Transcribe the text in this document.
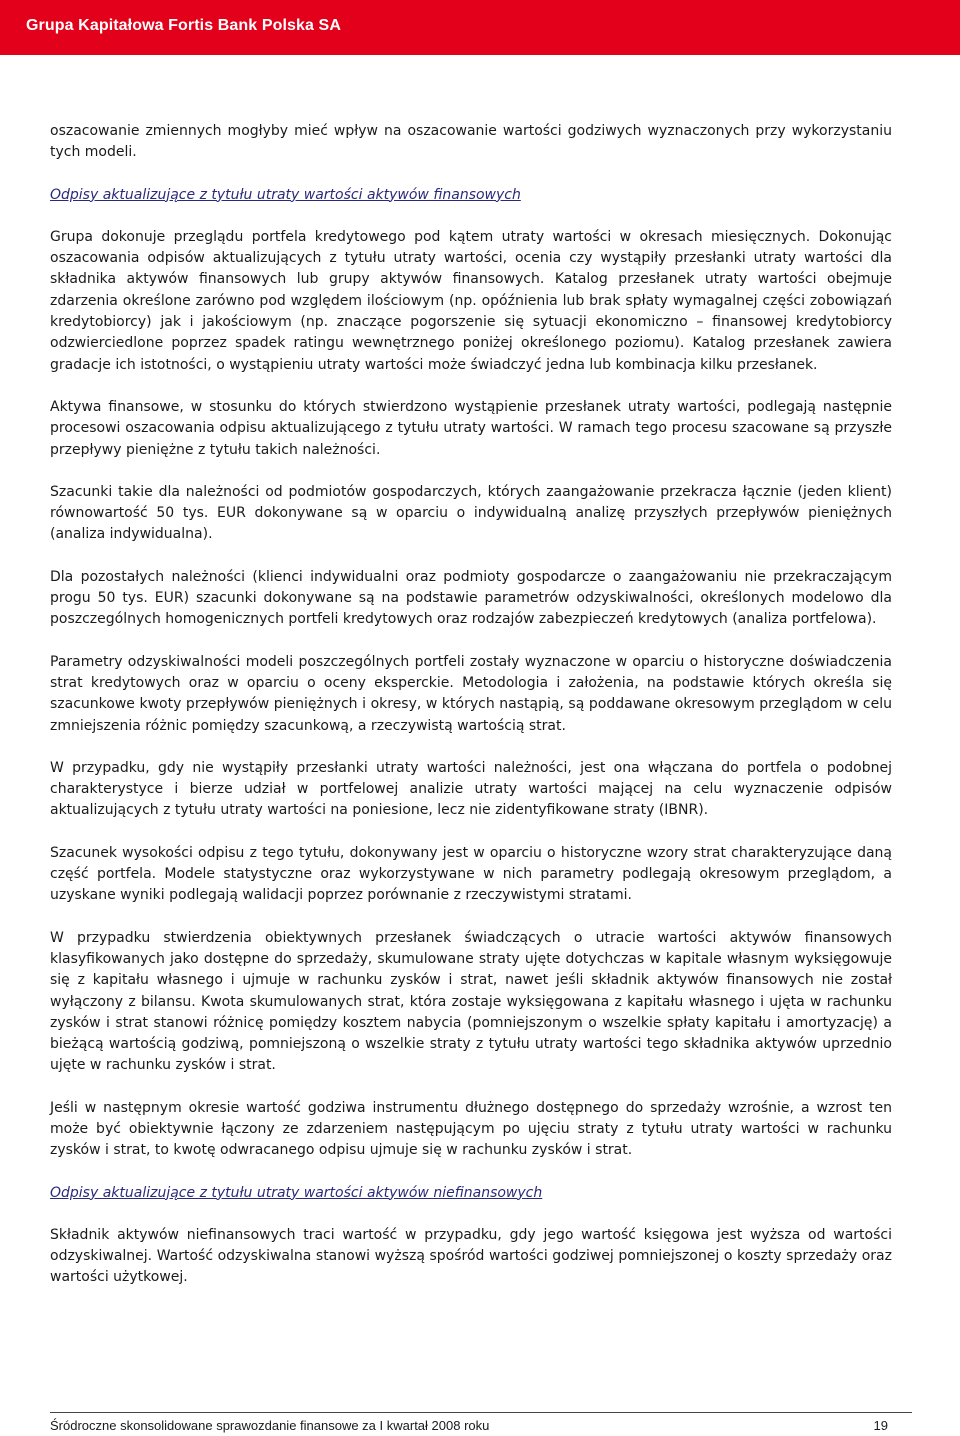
Grupa Kapitałowa Fortis Bank Polska SA

oszacowanie zmiennych mogłyby mieć wpływ na oszacowanie wartości godziwych wyznaczonych przy wykorzystaniu tych modeli.

Odpisy aktualizujące z tytułu utraty wartości aktywów finansowych

Grupa dokonuje przeglądu portfela kredytowego pod kątem utraty wartości w okresach miesięcznych. Dokonując oszacowania odpisów aktualizujących z tytułu utraty wartości, ocenia czy wystąpiły przesłanki utraty wartości dla składnika aktywów finansowych lub grupy aktywów finansowych. Katalog przesłanek utraty wartości obejmuje zdarzenia określone zarówno pod względem ilościowym (np. opóźnienia lub brak spłaty wymagalnej części zobowiązań kredytobiorcy) jak i jakościowym (np. znaczące pogorszenie się sytuacji ekonomiczno – finansowej kredytobiorcy odzwierciedlone poprzez spadek ratingu wewnętrznego poniżej określonego poziomu). Katalog przesłanek zawiera gradacje ich istotności, o wystąpieniu utraty wartości może świadczyć jedna lub kombinacja kilku przesłanek.

Aktywa finansowe, w stosunku do których stwierdzono wystąpienie przesłanek utraty wartości, podlegają następnie procesowi oszacowania odpisu aktualizującego z tytułu utraty wartości. W ramach tego procesu szacowane są przyszłe przepływy pieniężne z tytułu takich należności.

Szacunki takie dla należności od podmiotów gospodarczych, których zaangażowanie przekracza łącznie (jeden klient) równowartość 50 tys. EUR dokonywane są w oparciu o indywidualną analizę przyszłych przepływów pieniężnych (analiza indywidualna).

Dla pozostałych należności (klienci indywidualni oraz podmioty gospodarcze o zaangażowaniu nie przekraczającym progu 50 tys. EUR) szacunki dokonywane są na podstawie parametrów odzyskiwalności, określonych modelowo dla poszczególnych homogenicznych portfeli kredytowych oraz rodzajów zabezpieczeń kredytowych (analiza portfelowa).

Parametry odzyskiwalności modeli poszczególnych portfeli zostały wyznaczone w oparciu o historyczne doświadczenia strat kredytowych oraz w oparciu o oceny eksperckie. Metodologia i założenia, na podstawie których określa się szacunkowe kwoty przepływów pieniężnych i okresy, w których nastąpią, są poddawane okresowym przeglądom w celu zmniejszenia różnic pomiędzy szacunkową, a rzeczywistą wartością strat.

W przypadku, gdy nie wystąpiły przesłanki utraty wartości należności, jest ona włączana do portfela o podobnej charakterystyce i bierze udział w portfelowej analizie utraty wartości mającej na celu wyznaczenie odpisów aktualizujących z tytułu utraty wartości na poniesione, lecz nie zidentyfikowane straty (IBNR).

Szacunek wysokości odpisu z tego tytułu, dokonywany jest w oparciu o historyczne wzory strat charakteryzujące daną część portfela. Modele statystyczne oraz wykorzystywane w nich parametry podlegają okresowym przeglądom, a uzyskane wyniki podlegają walidacji poprzez porównanie z rzeczywistymi stratami.

W przypadku stwierdzenia obiektywnych przesłanek świadczących o utracie wartości aktywów finansowych klasyfikowanych jako dostępne do sprzedaży, skumulowane straty ujęte dotychczas w kapitale własnym wyksięgowuje się z kapitału własnego i ujmuje w rachunku zysków i strat, nawet jeśli składnik aktywów finansowych nie został wyłączony z bilansu. Kwota skumulowanych strat, która zostaje wyksięgowana z kapitału własnego i ujęta w rachunku zysków i strat stanowi różnicę pomiędzy kosztem nabycia (pomniejszonym o wszelkie spłaty kapitału i amortyzację) a bieżącą wartością godziwą, pomniejszoną o wszelkie straty z tytułu utraty wartości tego składnika aktywów uprzednio ujęte w rachunku zysków i strat.

Jeśli w następnym okresie wartość godziwa instrumentu dłużnego dostępnego do sprzedaży wzrośnie, a wzrost ten może być obiektywnie łączony ze zdarzeniem następującym po ujęciu straty z tytułu utraty wartości w rachunku zysków i strat, to kwotę odwracanego odpisu ujmuje się w rachunku zysków i strat.

Odpisy aktualizujące z tytułu utraty wartości aktywów niefinansowych

Składnik aktywów niefinansowych traci wartość w przypadku, gdy jego wartość księgowa jest wyższa od wartości odzyskiwalnej. Wartość odzyskiwalna stanowi wyższą spośród wartości godziwej pomniejszonej o koszty sprzedaży oraz wartości użytkowej.

Śródroczne skonsolidowane sprawozdanie finansowe za I kwartał 2008 roku	19
